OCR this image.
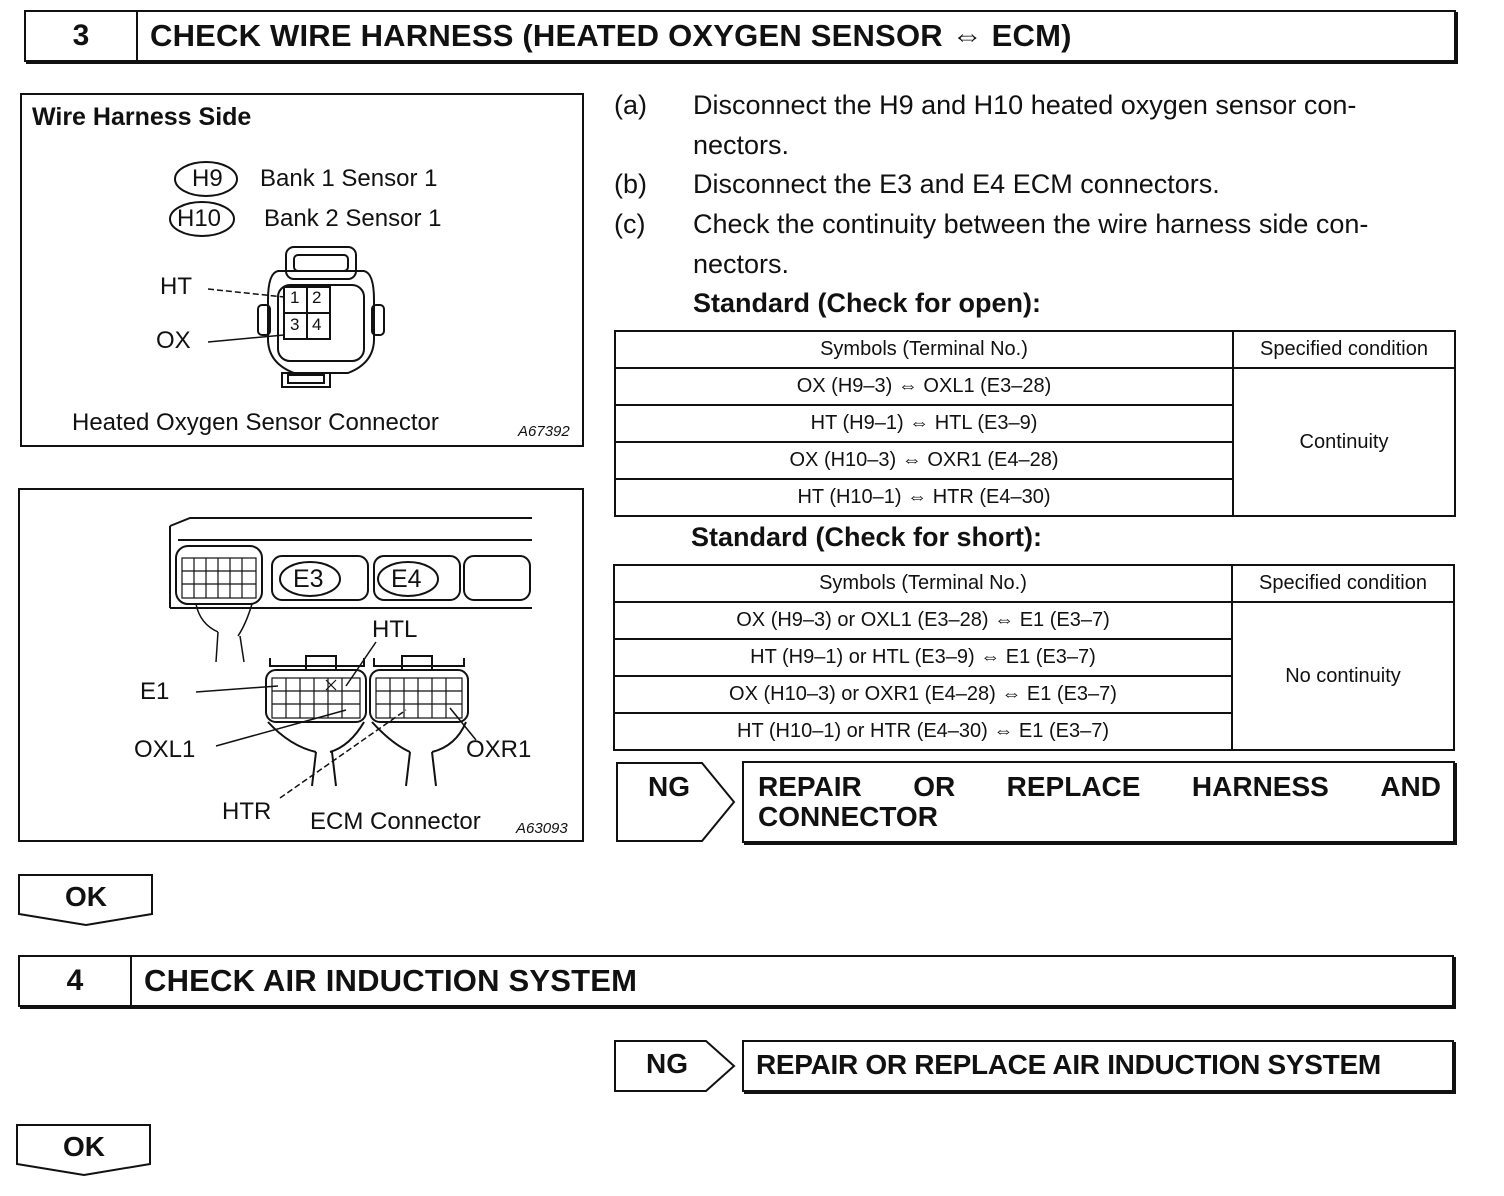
3	CHECK WIRE HARNESS (HEATED OXYGEN SENSOR ⇔ ECM)
Wire Harness Side
H9 Bank 1 Sensor 1
H10 Bank 2 Sensor 1
HT
OX
1 2
3 4
Heated Oxygen Sensor Connector	A67392
E3	E4
HTL
E1
OXL1	OXR1
HTR ECM Connector A63093
(a) Disconnect the H9 and H10 heated oxygen sensor con-
nectors.
(b) Disconnect the E3 and E4 ECM connectors.
(c) Check the continuity between the wire harness side con-
nectors.
Standard (Check for open):
Symbols (Terminal No.)	Specified condition
OX (H9–3) ⇔ OXL1 (E3–28)	Continuity
HT (H9–1) ⇔ HTL (E3–9)	
OX (H10–3) ⇔ OXR1 (E4–28)	
HT (H10–1) ⇔ HTR (E4–30)	
Standard (Check for short):
Symbols (Terminal No.)	Specified condition
OX (H9–3) or OXL1 (E3–28) ⇔ E1 (E3–7)	No continuity
HT (H9–1) or HTL (E3–9) ⇔ E1 (E3–7)	
OX (H10–3) or OXR1 (E4–28) ⇔ E1 (E3–7)	
HT (H10–1) or HTR (E4–30) ⇔ E1 (E3–7)	
NG REPAIR OR REPLACE HARNESS AND
CONNECTOR
OK
4	CHECK AIR INDUCTION SYSTEM
NG REPAIR OR REPLACE AIR INDUCTION SYSTEM
OK
